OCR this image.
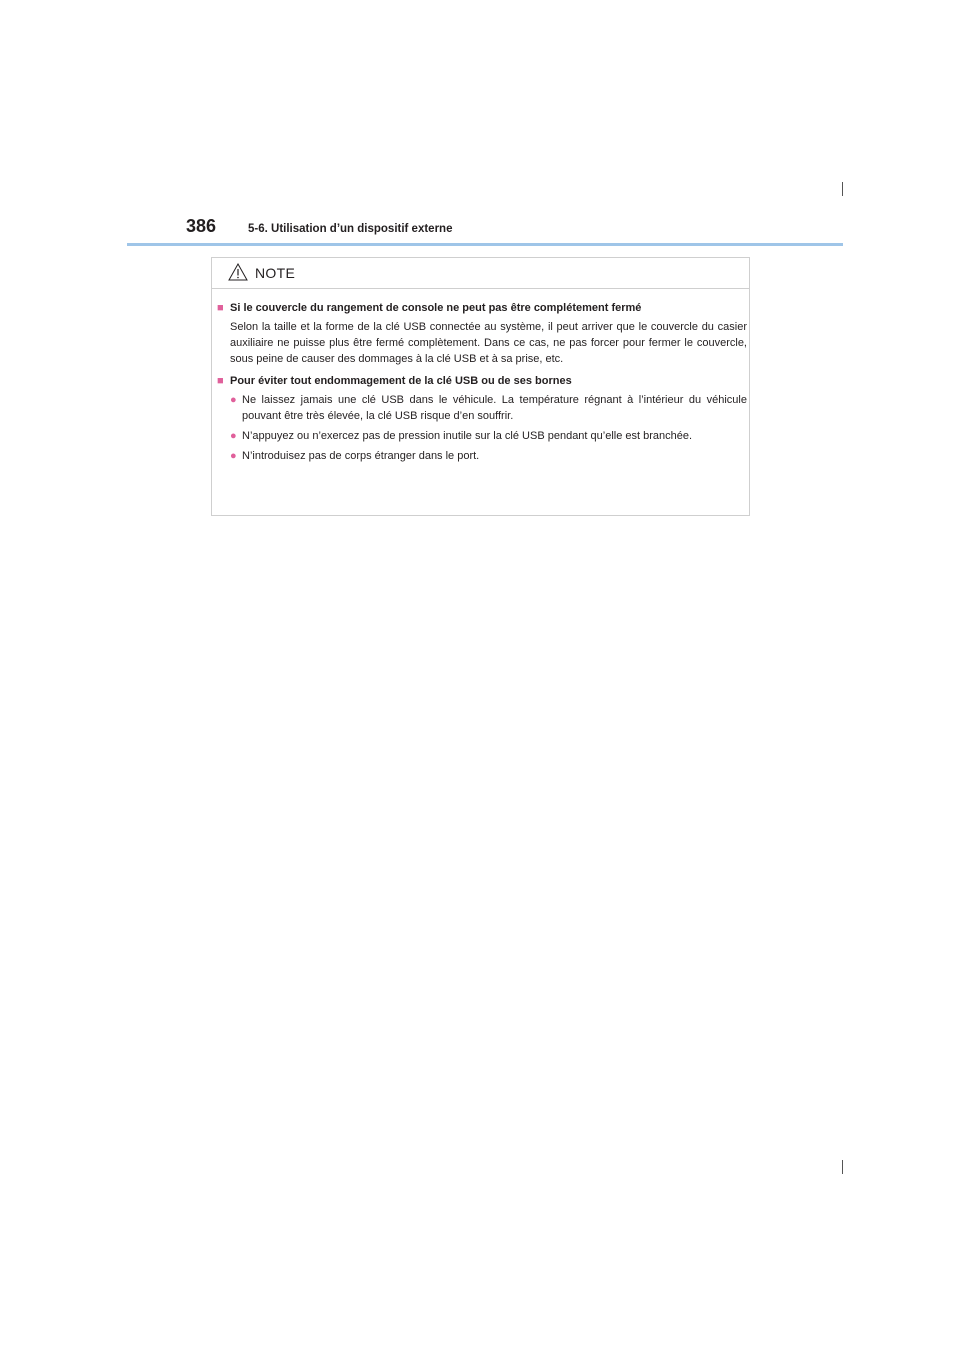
386	5-6. Utilisation d’un dispositif externe
NOTE
■ Si le couvercle du rangement de console ne peut pas être complétement fermé
Selon la taille et la forme de la clé USB connectée au système, il peut arriver que le couvercle du casier auxiliaire ne puisse plus être fermé complètement. Dans ce cas, ne pas forcer pour fermer le couvercle, sous peine de causer des dommages à la clé USB et à sa prise, etc.
■ Pour éviter tout endommagement de la clé USB ou de ses bornes
● Ne laissez jamais une clé USB dans le véhicule. La température régnant à l’intérieur du véhicule pouvant être très élevée, la clé USB risque d’en souffrir.
● N’appuyez ou n’exercez pas de pression inutile sur la clé USB pendant qu’elle est branchée.
● N’introduisez pas de corps étranger dans le port.
